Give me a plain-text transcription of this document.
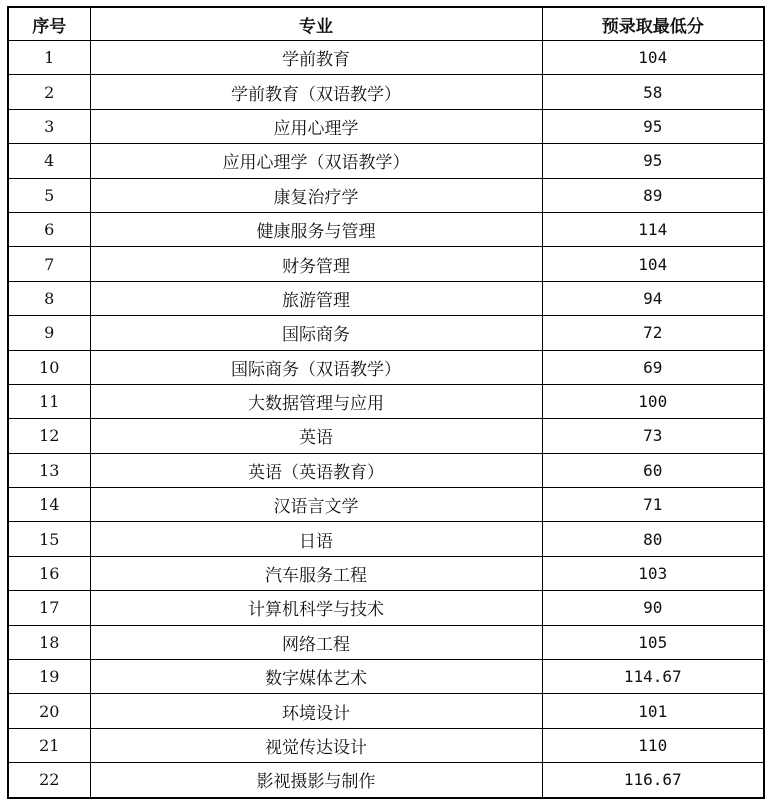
序号	专业	预录取最低分
1	学前教育	104
2	学前教育（双语教学）	58
3	应用心理学	95
4	应用心理学（双语教学）	95
5	康复治疗学	89
6	健康服务与管理	114
7	财务管理	104
8	旅游管理	94
9	国际商务	72
10	国际商务（双语教学）	69
11	大数据管理与应用	100
12	英语	73
13	英语（英语教育）	60
14	汉语言文学	71
15	日语	80
16	汽车服务工程	103
17	计算机科学与技术	90
18	网络工程	105
19	数字媒体艺术	114.67
20	环境设计	101
21	视觉传达设计	110
22	影视摄影与制作	116.67
